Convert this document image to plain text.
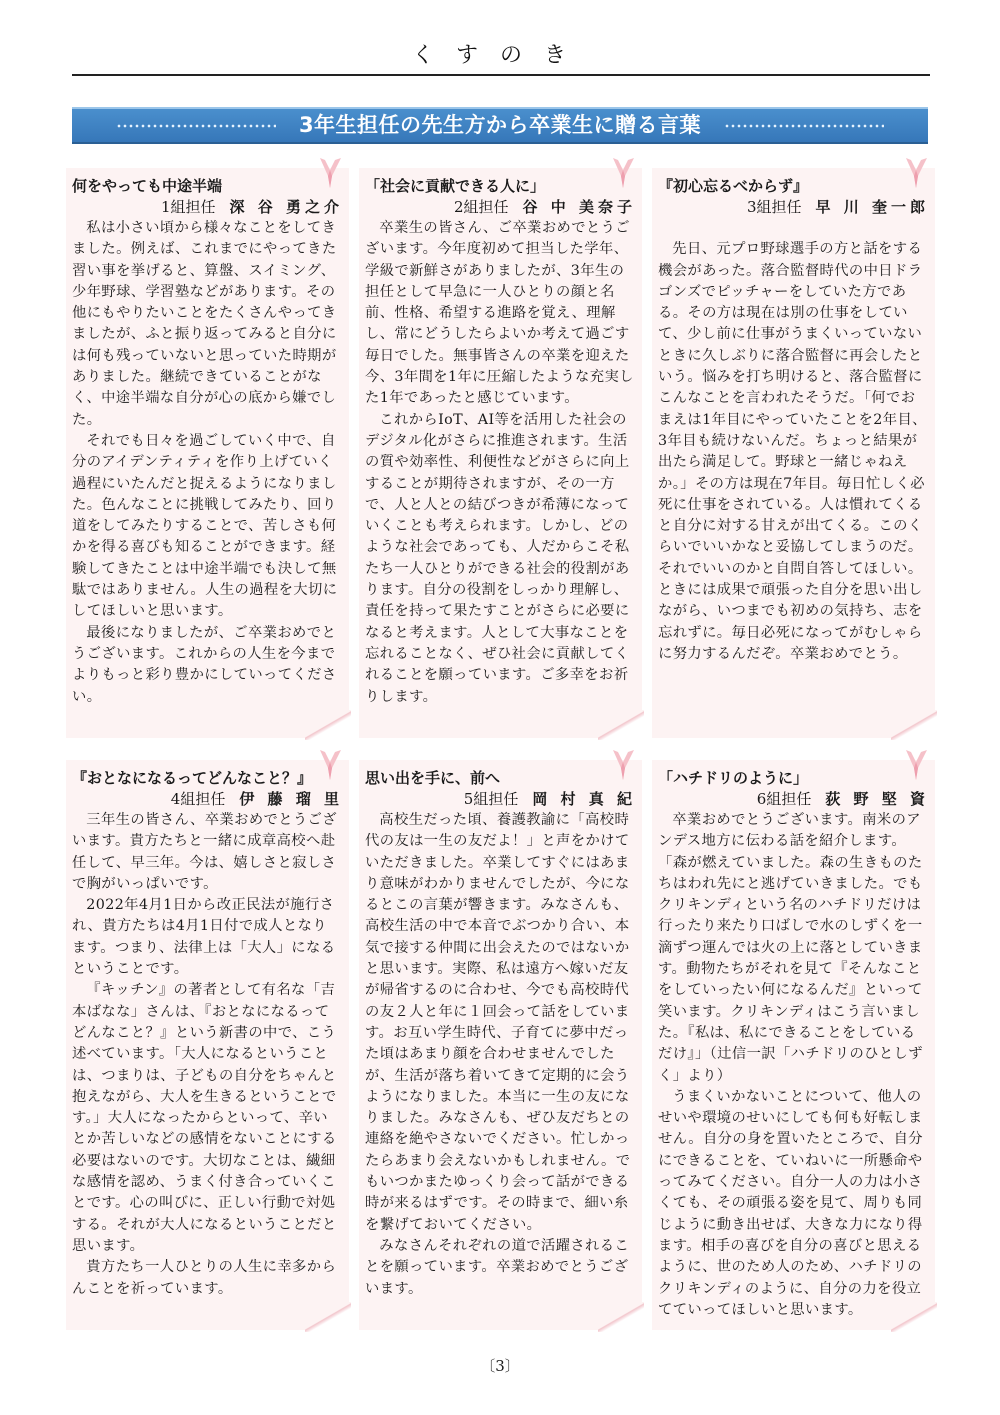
くすのき
3年生担任の先生方から卒業生に贈る言葉
何をやっても中途半端
1組担任 深 谷 勇之介

私は小さい頃から様々なことをしてきました。例えば、これまでにやってきた習い事を挙げると、算盤、スイミング、少年野球、学習塾などがあります。その他にもやりたいことをたくさんやってきましたが、ふと振り返ってみると自分には何も残っていないと思っていた時期がありました。継続できていることがなく、中途半端な自分が心の底から嫌でした。

それでも日々を過ごしていく中で、自分のアイデンティティを作り上げていく過程にいたんだと捉えるようになりました。色んなことに挑戦してみたり、回り道をしてみたりすることで、苦しさも何かを得る喜びも知ることができます。経験してきたことは中途半端でも決して無駄ではありません。人生の過程を大切にしてほしいと思います。

最後になりましたが、ご卒業おめでとうございます。これからの人生を今までよりもっと彩り豊かにしていってください。

「社会に貢献できる人に」
2組担任 谷 中 美奈子

卒業生の皆さん、ご卒業おめでとうございます。今年度初めて担当した学年、学級で新鮮さがありましたが、3年生の担任として早急に一人ひとりの顔と名前、性格、希望する進路を覚え、理解し、常にどうしたらよいか考えて過ごす毎日でした。無事皆さんの卒業を迎えた今、3年間を1年に圧縮したような充実した1年であったと感じています。

これからIoT、AI等を活用した社会のデジタル化がさらに推進されます。生活の質や効率性、利便性などがさらに向上することが期待されますが、その一方で、人と人との結びつきが希薄になっていくことも考えられます。しかし、どのような社会であっても、人だからこそ私たち一人ひとりができる社会的役割があります。自分の役割をしっかり理解し、責任を持って果たすことがさらに必要になると考えます。人として大事なことを忘れることなく、ぜひ社会に貢献してくれることを願っています。ご多幸をお祈りします。

『初心忘るべからず』
3組担任 早 川 奎一郎

先日、元プロ野球選手の方と話をする機会があった。落合監督時代の中日ドラゴンズでピッチャーをしていた方である。その方は現在は別の仕事をしていて、少し前に仕事がうまくいっていないときに久しぶりに落合監督に再会したという。悩みを打ち明けると、落合監督にこんなことを言われたそうだ。「何でおまえは1年目にやっていたことを2年目、3年目も続けないんだ。ちょっと結果が出たら満足して。野球と一緒じゃねえか。」その方は現在7年目。毎日忙しく必死に仕事をされている。人は慣れてくると自分に対する甘えが出てくる。このくらいでいいかなと妥協してしまうのだ。それでいいのかと自問自答してほしい。ときには成果で頑張った自分を思い出しながら、いつまでも初めの気持ち、志を忘れずに。毎日必死になってがむしゃらに努力するんだぞ。卒業おめでとう。

『おとなになるってどんなこと？』
4組担任 伊 藤 瑠 里

三年生の皆さん、卒業おめでとうございます。貴方たちと一緒に成章高校へ赴任して、早三年。今は、嬉しさと寂しさで胸がいっぱいです。

2022年4月1日から改正民法が施行され、貴方たちは4月1日付で成人となります。つまり、法律上は「大人」になるということです。

『キッチン』の著者として有名な「吉本ばなな」さんは、『おとなになるってどんなこと？』という新書の中で、こう述べています。「大人になるということは、つまりは、子どもの自分をちゃんと抱えながら、大人を生きるということです。」大人になったからといって、辛いとか苦しいなどの感情をないことにする必要はないのです。大切なことは、繊細な感情を認め、うまく付き合っていくことです。心の叫びに、正しい行動で対処する。それが大人になるということだと思います。

貴方たち一人ひとりの人生に幸多からんことを祈っています。

思い出を手に、前へ
5組担任 岡 村 真 紀

高校生だった頃、養護教諭に「高校時代の友は一生の友だよ！」と声をかけていただきました。卒業してすぐにはあまり意味がわかりませんでしたが、今になるとこの言葉が響きます。みなさんも、高校生活の中で本音でぶつかり合い、本気で接する仲間に出会えたのではないかと思います。実際、私は遠方へ嫁いだ友が帰省するのに合わせ、今でも高校時代の友２人と年に１回会って話をしています。お互い学生時代、子育てに夢中だった頃はあまり顔を合わせませんでしたが、生活が落ち着いてきて定期的に会うようになりました。本当に一生の友になりました。みなさんも、ぜひ友だちとの連絡を絶やさないでください。忙しかったらあまり会えないかもしれません。でもいつかまたゆっくり会って話ができる時が来るはずです。その時まで、細い糸を繋げておいてください。

みなさんそれぞれの道で活躍されることを願っています。卒業おめでとうございます。

「ハチドリのように」
6組担任 荻 野 堅 資

卒業おめでとうございます。南米のアンデス地方に伝わる話を紹介します。「森が燃えていました。森の生きものたちはわれ先にと逃げていきました。でもクリキンディという名のハチドリだけは行ったり来たり口ばしで水のしずくを一滴ずつ運んでは火の上に落としていきます。動物たちがそれを見て『そんなことをしていったい何になるんだ』といって笑います。クリキンディはこう言いました。『私は、私にできることをしているだけ』」（辻信一訳「ハチドリのひとしずく」より）

うまくいかないことについて、他人のせいや環境のせいにしても何も好転しません。自分の身を置いたところで、自分にできることを、ていねいに一所懸命やってみてください。自分一人の力は小さくても、その頑張る姿を見て、周りも同じように動き出せば、大きな力になり得ます。相手の喜びを自分の喜びと思えるように、世のため人のため、ハチドリのクリキンディのように、自分の力を役立てていってほしいと思います。

〔3〕
